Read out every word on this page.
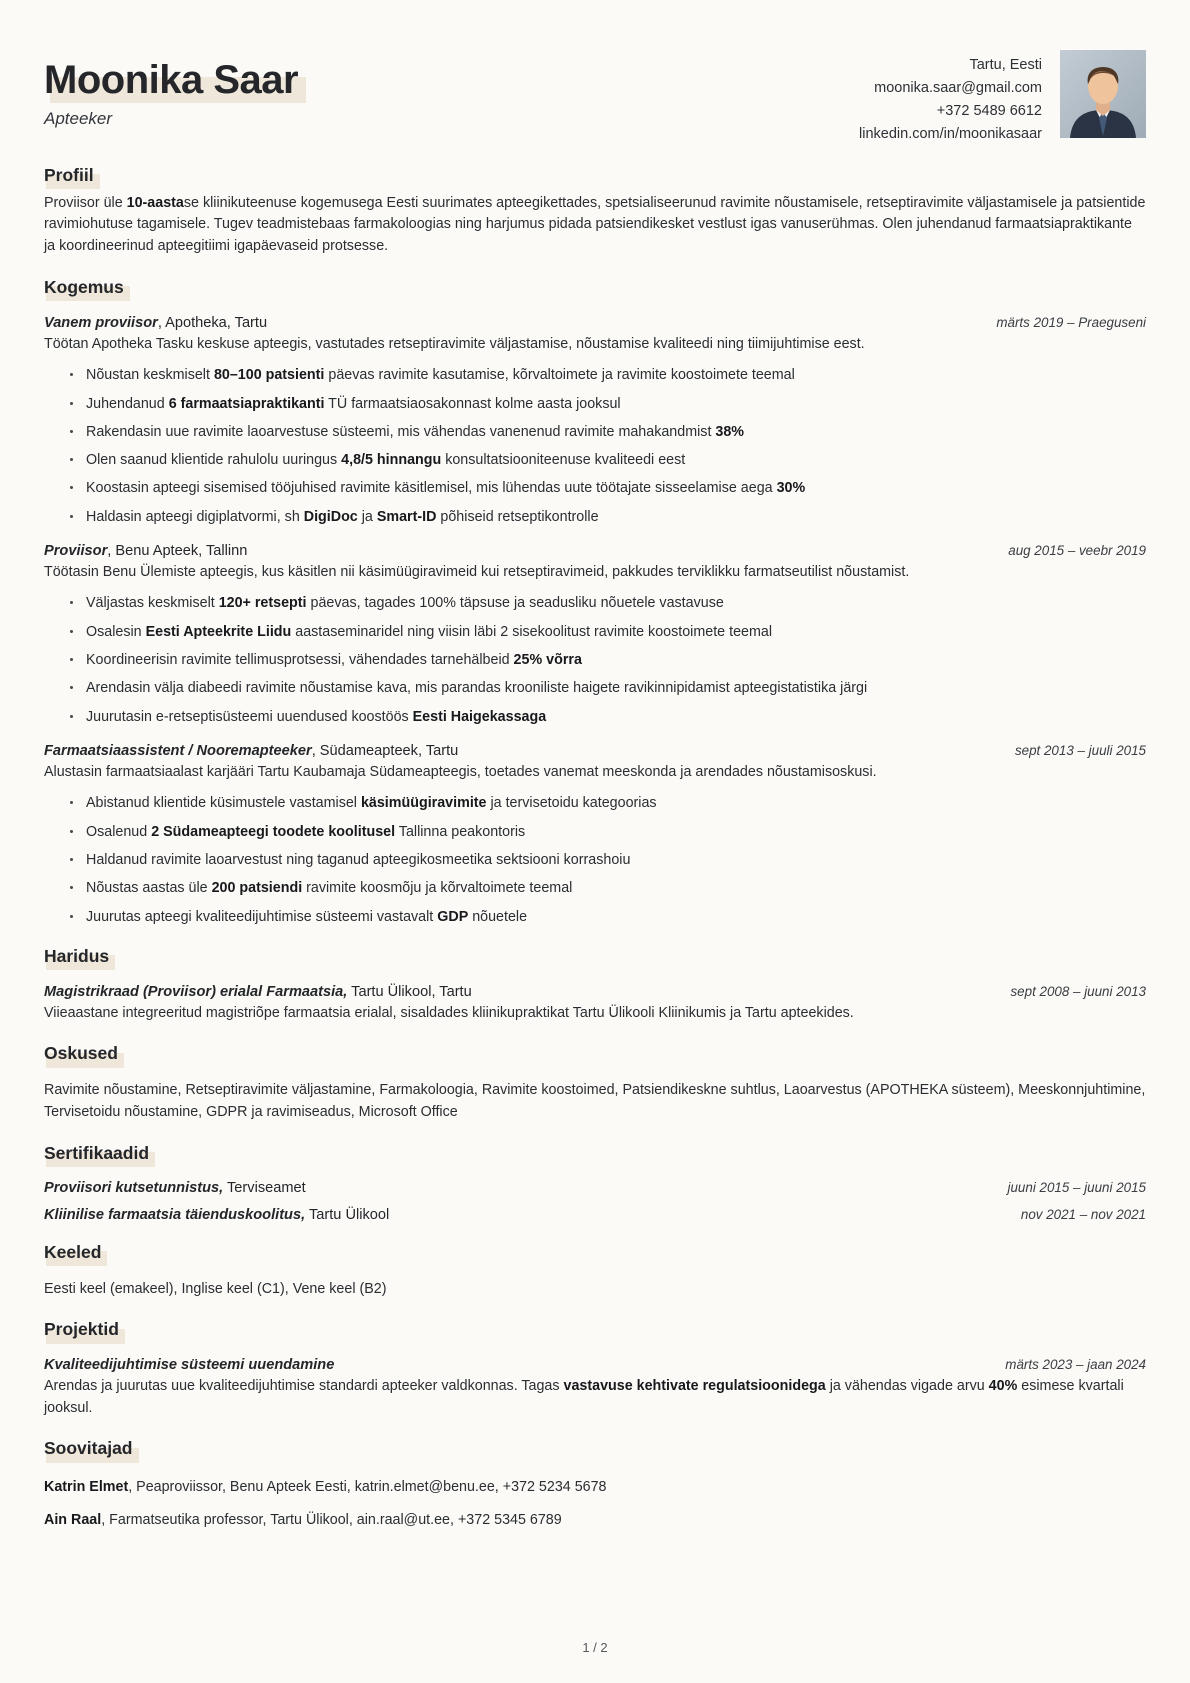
Moonika Saar
Apteeker
Tartu, Eesti
moonika.saar@gmail.com
+372 5489 6612
linkedin.com/in/moonikasaar
Profiil
Proviisor üle 10-aastase kliinikuteenuse kogemusega Eesti suurimates apteegikettades, spetsialiseerunud ravimite nõustamisele, retseptiravimite väljastamisele ja patsientide ravimiohutuse tagamisele. Tugev teadmistebaas farmakoloogias ning harjumus pidada patsiendikesket vestlust igas vanuserühmas. Olen juhendanud farmaatsiapraktikante ja koordineerinud apteegitiimi igapäevaseid protsesse.
Kogemus
Vanem proviisor, Apotheka, Tartu	märts 2019 – Praeguseni
Töötan Apotheka Tasku keskuse apteegis, vastutades retseptiravimite väljastamise, nõustamise kvaliteedi ning tiimijuhtimise eest.
Nõustan keskmiselt 80–100 patsienti päevas ravimite kasutamise, kõrvaltoimete ja ravimite koostoimete teemal
Juhendanud 6 farmaatsiapraktikanti TÜ farmaatsiaosakonnast kolme aasta jooksul
Rakendasin uue ravimite laoarvestuse süsteemi, mis vähendas vanenenud ravimite mahakandmist 38%
Olen saanud klientide rahulolu uuringus 4,8/5 hinnangu konsultatsiooniteenuse kvaliteedi eest
Koostasin apteegi sisemised tööjuhised ravimite käsitlemisel, mis lühendas uute töötajate sisseelamise aega 30%
Haldasin apteegi digiplatvormi, sh DigiDoc ja Smart-ID põhiseid retseptikontrolle
Proviisor, Benu Apteek, Tallinn	aug 2015 – veebr 2019
Töötasin Benu Ülemiste apteegis, kus käsitlen nii käsimüügiravimeid kui retseptiravimeid, pakkudes terviklikku farmatseutilist nõustamist.
Väljastas keskmiselt 120+ retsepti päevas, tagades 100% täpsuse ja seadusliku nõuetele vastavuse
Osalesin Eesti Apteekrite Liidu aastaseminaridel ning viisin läbi 2 sisekoolitust ravimite koostoimete teemal
Koordineerisin ravimite tellimusprotsessi, vähendades tarnehälbeid 25% võrra
Arendasin välja diabeedi ravimite nõustamise kava, mis parandas krooniliste haigete ravikinnipidamist apteegistatistika järgi
Juurutasin e-retseptisüsteemi uuendused koostöös Eesti Haigekassaga
Farmaatsiaassistent / Nooremapteeker, Südameapteek, Tartu	sept 2013 – juuli 2015
Alustasin farmaatsiaalast karjääri Tartu Kaubamaja Südameapteegis, toetades vanemat meeskonda ja arendades nõustamisoskusi.
Abistanud klientide küsimustele vastamisel käsimüügiravimite ja tervisetoidu kategoorias
Osalenud 2 Südameapteegi toodete koolitusel Tallinna peakontoris
Haldanud ravimite laoarvestust ning taganud apteegikosmeetika sektsiooni korrashoiu
Nõustas aastas üle 200 patsiendi ravimite koosmõju ja kõrvaltoimete teemal
Juurutas apteegi kvaliteedijuhtimise süsteemi vastavalt GDP nõuetele
Haridus
Magistrikraad (Proviisor) erialal Farmaatsia, Tartu Ülikool, Tartu	sept 2008 – juuni 2013
Viieaastane integreeritud magistriõpe farmaatsia erialal, sisaldades kliinikupraktikat Tartu Ülikooli Kliinikumis ja Tartu apteekides.
Oskused
Ravimite nõustamine, Retseptiravimite väljastamine, Farmakoloogia, Ravimite koostoimed, Patsiendikeskne suhtlus, Laoarvestus (APOTHEKA süsteem), Meeskonnjuhtimine, Tervisetoidu nõustamine, GDPR ja ravimiseadus, Microsoft Office
Sertifikaadid
Proviisori kutsetunnistus, Terviseamet	juuni 2015 – juuni 2015
Kliinilise farmaatsia täienduskoolitus, Tartu Ülikool	nov 2021 – nov 2021
Keeled
Eesti keel (emakeel), Inglise keel (C1), Vene keel (B2)
Projektid
Kvaliteedijuhtimise süsteemi uuendamine	märts 2023 – jaan 2024
Arendas ja juurutas uue kvaliteedijuhtimise standardi apteeker valdkonnas. Tagas vastavuse kehtivate regulatsioonidega ja vähendas vigade arvu 40% esimese kvartali jooksul.
Soovitajad
Katrin Elmet, Peaproviissor, Benu Apteek Eesti, katrin.elmet@benu.ee, +372 5234 5678
Ain Raal, Farmatseutika professor, Tartu Ülikool, ain.raal@ut.ee, +372 5345 6789
1 / 2
